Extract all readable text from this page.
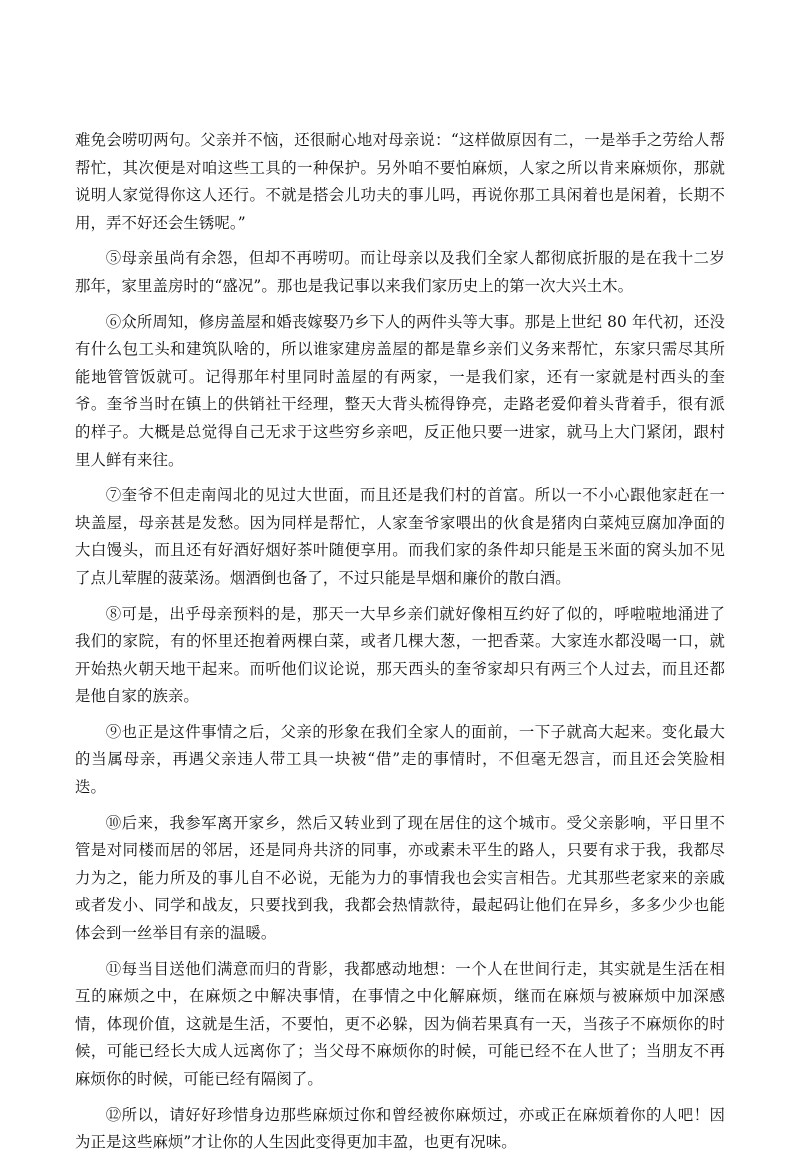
难免会唠叨两句。父亲并不恼，还很耐心地对母亲说：“这样做原因有二，一是举手之劳给人帮帮忙，其次便是对咱这些工具的一种保护。另外咱不要怕麻烦，人家之所以肯来麻烦你，那就说明人家觉得你这人还行。不就是搭会儿功夫的事儿吗，再说你那工具闲着也是闲着，长期不用，弄不好还会生锈呢。”

⑤母亲虽尚有余怨，但却不再唠叨。而让母亲以及我们全家人都彻底折服的是在我十二岁那年，家里盖房时的“盛况”。那也是我记事以来我们家历史上的第一次大兴土木。

⑥众所周知，修房盖屋和婚丧嫁娶乃乡下人的两件头等大事。那是上世纪 80 年代初，还没有什么包工头和建筑队啥的，所以谁家建房盖屋的都是靠乡亲们义务来帮忙，东家只需尽其所能地管管饭就可。记得那年村里同时盖屋的有两家，一是我们家，还有一家就是村西头的奎爷。奎爷当时在镇上的供销社干经理，整天大背头梳得铮亮，走路老爱仰着头背着手，很有派的样子。大概是总觉得自己无求于这些穷乡亲吧，反正他只要一进家，就马上大门紧闭，跟村里人鲜有来往。

⑦奎爷不但走南闯北的见过大世面，而且还是我们村的首富。所以一不小心跟他家赶在一块盖屋，母亲甚是发愁。因为同样是帮忙，人家奎爷家喂出的伙食是猪肉白菜炖豆腐加净面的大白馒头，而且还有好酒好烟好茶叶随便享用。而我们家的条件却只能是玉米面的窝头加不见了点儿荤腥的菠菜汤。烟酒倒也备了，不过只能是旱烟和廉价的散白酒。

⑧可是，出乎母亲预料的是，那天一大早乡亲们就好像相互约好了似的，呼啦啦地涌进了我们的家院，有的怀里还抱着两棵白菜，或者几棵大葱，一把香菜。大家连水都没喝一口，就开始热火朝天地干起来。而听他们议论说，那天西头的奎爷家却只有两三个人过去，而且还都是他自家的族亲。

⑨也正是这件事情之后，父亲的形象在我们全家人的面前，一下子就高大起来。变化最大的当属母亲，再遇父亲违人带工具一块被“借”走的事情时，不但毫无怨言，而且还会笑脸相迭。

⑩后来，我参军离开家乡，然后又转业到了现在居住的这个城市。受父亲影响，平日里不管是对同楼而居的邻居，还是同舟共济的同事，亦或素未平生的路人，只要有求于我，我都尽力为之，能力所及的事儿自不必说，无能为力的事情我也会实言相告。尤其那些老家来的亲戚或者发小、同学和战友，只要找到我，我都会热情款待，最起码让他们在异乡，多多少少也能体会到一丝举目有亲的温暖。

⑪每当目送他们满意而归的背影，我都感动地想：一个人在世间行走，其实就是生活在相互的麻烦之中，在麻烦之中解决事情，在事情之中化解麻烦，继而在麻烦与被麻烦中加深感情，体现价值，这就是生活，不要怕，更不必躲，因为倘若果真有一天，当孩子不麻烦你的时候，可能已经长大成人远离你了；当父母不麻烦你的时候，可能已经不在人世了；当朋友不再麻烦你的时候，可能已经有隔阂了。

⑫所以，请好好珍惜身边那些麻烦过你和曾经被你麻烦过，亦或正在麻烦着你的人吧！因为正是这些麻烦”才让你的人生因此变得更加丰盈，也更有况味。
